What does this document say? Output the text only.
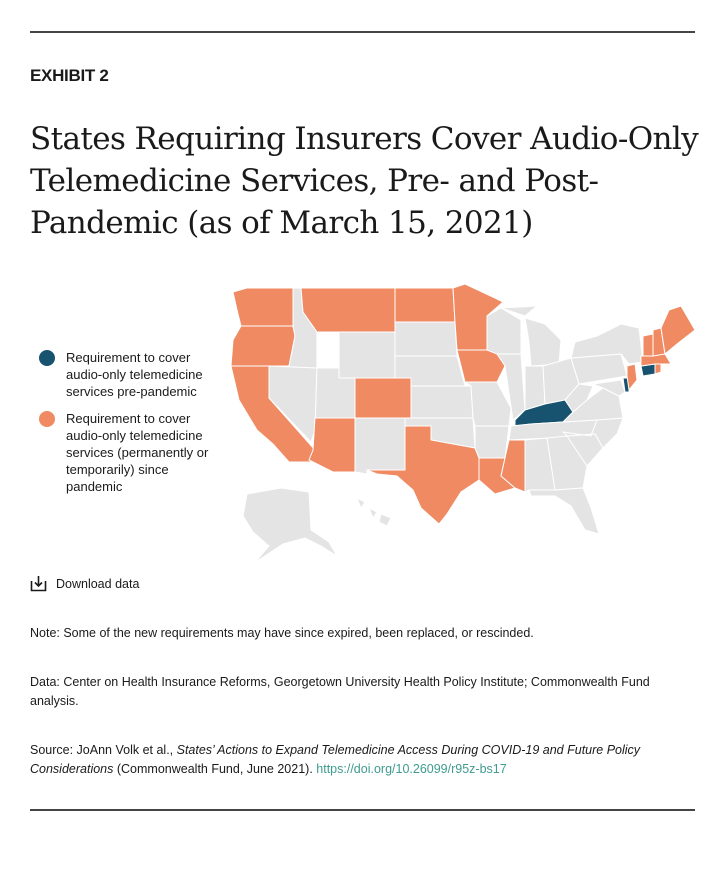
EXHIBIT 2
States Requiring Insurers Cover Audio-Only Telemedicine Services, Pre- and Post-Pandemic (as of March 15, 2021)
Requirement to cover audio-only telemedicine services pre-pandemic
Requirement to cover audio-only telemedicine services (permanently or temporarily) since pandemic
Download data
Note: Some of the new requirements may have since expired, been replaced, or rescinded.
Data: Center on Health Insurance Reforms, Georgetown University Health Policy Institute; Commonwealth Fund analysis.
Source: JoAnn Volk et al., States’ Actions to Expand Telemedicine Access During COVID-19 and Future Policy Considerations (Commonwealth Fund, June 2021). https://doi.org/10.26099/r95z-bs17
